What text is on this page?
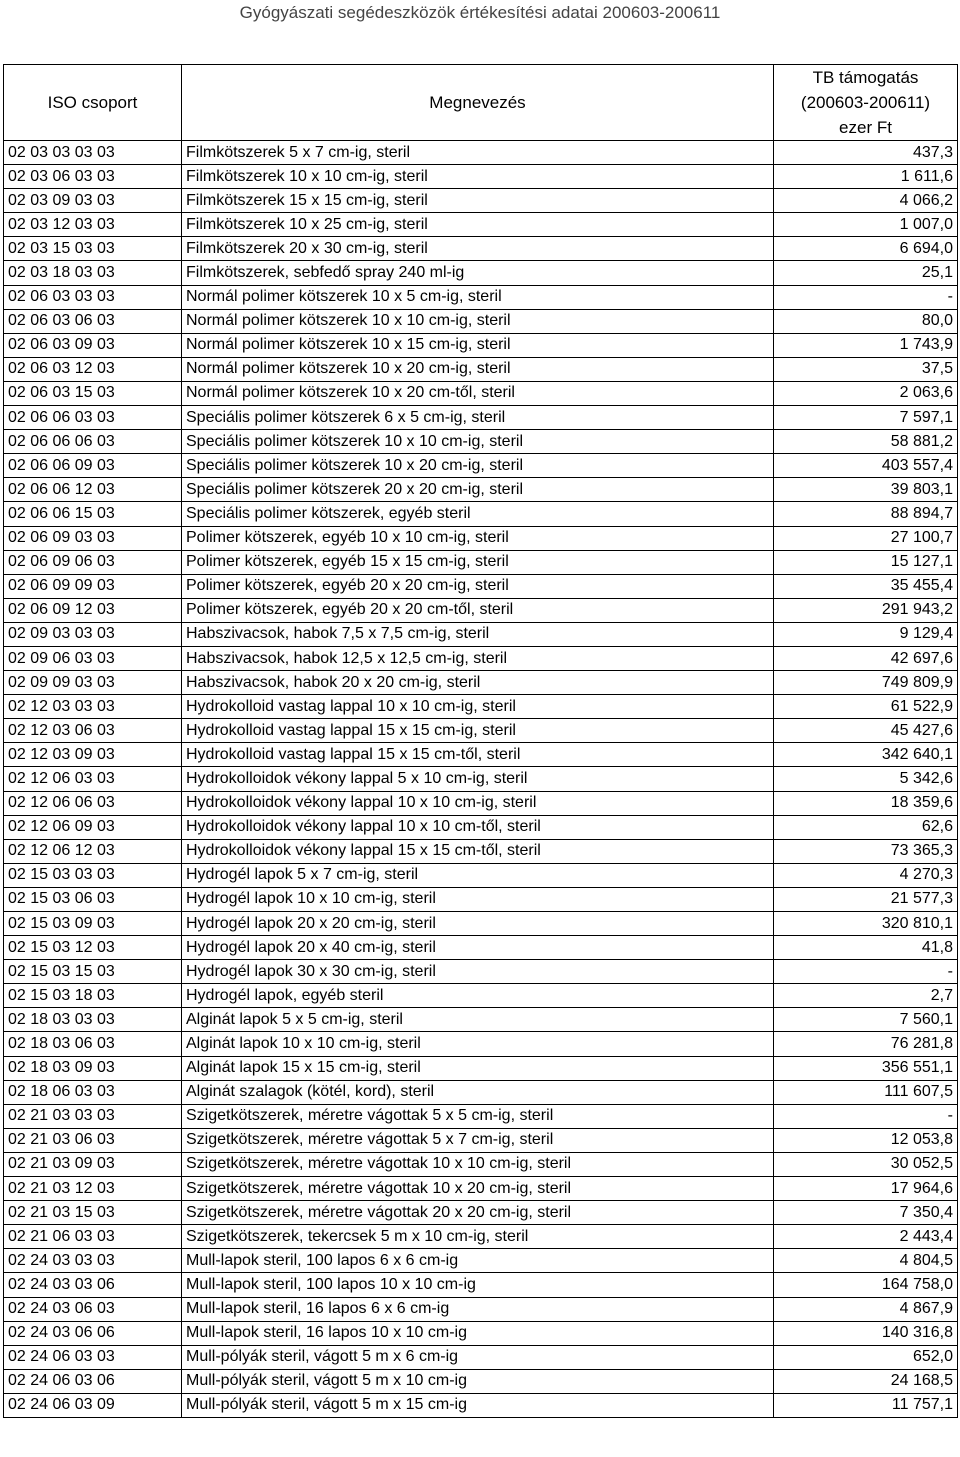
Gyógyászati segédeszközök értékesítési adatai 200603-200611
ISO csoport	Megnevezés	TB támogatás
(200603-200611)
ezer Ft

02 03 03 03 03	Filmkötszerek 5 x 7 cm-ig, steril	437,3
02 03 06 03 03	Filmkötszerek 10 x 10 cm-ig, steril	1 611,6
02 03 09 03 03	Filmkötszerek 15 x 15 cm-ig, steril	4 066,2
02 03 12 03 03	Filmkötszerek 10 x 25 cm-ig, steril	1 007,0
02 03 15 03 03	Filmkötszerek 20 x 30 cm-ig, steril	6 694,0
02 03 18 03 03	Filmkötszerek, sebfedő spray 240 ml-ig	25,1
02 06 03 03 03	Normál polimer kötszerek 10 x 5 cm-ig, steril	-
02 06 03 06 03	Normál polimer kötszerek 10 x 10 cm-ig, steril	80,0
02 06 03 09 03	Normál polimer kötszerek 10 x 15 cm-ig, steril	1 743,9
02 06 03 12 03	Normál polimer kötszerek 10 x 20 cm-ig, steril	37,5
02 06 03 15 03	Normál polimer kötszerek 10 x 20 cm-től, steril	2 063,6
02 06 06 03 03	Speciális polimer kötszerek 6 x 5 cm-ig, steril	7 597,1
02 06 06 06 03	Speciális polimer kötszerek 10 x 10 cm-ig, steril	58 881,2
02 06 06 09 03	Speciális polimer kötszerek 10 x 20 cm-ig, steril	403 557,4
02 06 06 12 03	Speciális polimer kötszerek 20 x 20 cm-ig, steril	39 803,1
02 06 06 15 03	Speciális polimer kötszerek, egyéb steril	88 894,7
02 06 09 03 03	Polimer kötszerek, egyéb 10 x 10 cm-ig, steril	27 100,7
02 06 09 06 03	Polimer kötszerek, egyéb 15 x 15 cm-ig, steril	15 127,1
02 06 09 09 03	Polimer kötszerek, egyéb 20 x 20 cm-ig, steril	35 455,4
02 06 09 12 03	Polimer kötszerek, egyéb 20 x 20 cm-től, steril	291 943,2
02 09 03 03 03	Habszivacsok, habok 7,5 x 7,5 cm-ig, steril	9 129,4
02 09 06 03 03	Habszivacsok, habok 12,5 x 12,5 cm-ig, steril	42 697,6
02 09 09 03 03	Habszivacsok, habok 20 x 20 cm-ig, steril	749 809,9
02 12 03 03 03	Hydrokolloid vastag lappal 10 x 10 cm-ig, steril	61 522,9
02 12 03 06 03	Hydrokolloid vastag lappal 15 x 15 cm-ig, steril	45 427,6
02 12 03 09 03	Hydrokolloid vastag lappal 15 x 15 cm-től, steril	342 640,1
02 12 06 03 03	Hydrokolloidok vékony lappal 5 x 10 cm-ig, steril	5 342,6
02 12 06 06 03	Hydrokolloidok vékony lappal 10 x 10 cm-ig, steril	18 359,6
02 12 06 09 03	Hydrokolloidok vékony lappal 10 x 10 cm-től, steril	62,6
02 12 06 12 03	Hydrokolloidok vékony lappal 15 x 15 cm-től, steril	73 365,3
02 15 03 03 03	Hydrogél lapok 5 x 7 cm-ig, steril	4 270,3
02 15 03 06 03	Hydrogél lapok 10 x 10 cm-ig, steril	21 577,3
02 15 03 09 03	Hydrogél lapok 20 x 20 cm-ig, steril	320 810,1
02 15 03 12 03	Hydrogél lapok 20 x 40 cm-ig, steril	41,8
02 15 03 15 03	Hydrogél lapok 30 x 30 cm-ig, steril	-
02 15 03 18 03	Hydrogél lapok, egyéb steril	2,7
02 18 03 03 03	Alginát lapok 5 x 5 cm-ig, steril	7 560,1
02 18 03 06 03	Alginát lapok 10 x 10 cm-ig, steril	76 281,8
02 18 03 09 03	Alginát lapok 15 x 15 cm-ig, steril	356 551,1
02 18 06 03 03	Alginát szalagok (kötél, kord), steril	111 607,5
02 21 03 03 03	Szigetkötszerek, méretre vágottak 5 x 5 cm-ig, steril	-
02 21 03 06 03	Szigetkötszerek, méretre vágottak 5 x 7 cm-ig, steril	12 053,8
02 21 03 09 03	Szigetkötszerek, méretre vágottak 10 x 10 cm-ig, steril	30 052,5
02 21 03 12 03	Szigetkötszerek, méretre vágottak 10 x 20 cm-ig, steril	17 964,6
02 21 03 15 03	Szigetkötszerek, méretre vágottak 20 x 20 cm-ig, steril	7 350,4
02 21 06 03 03	Szigetkötszerek, tekercsek 5 m x 10 cm-ig, steril	2 443,4
02 24 03 03 03	Mull-lapok steril, 100 lapos 6 x 6 cm-ig	4 804,5
02 24 03 03 06	Mull-lapok steril, 100 lapos 10 x 10 cm-ig	164 758,0
02 24 03 06 03	Mull-lapok steril, 16 lapos 6 x 6 cm-ig	4 867,9
02 24 03 06 06	Mull-lapok steril, 16 lapos 10 x 10 cm-ig	140 316,8
02 24 06 03 03	Mull-pólyák steril, vágott 5 m x 6 cm-ig	652,0
02 24 06 03 06	Mull-pólyák steril, vágott 5 m x 10 cm-ig	24 168,5
02 24 06 03 09	Mull-pólyák steril, vágott 5 m x 15 cm-ig	11 757,1
